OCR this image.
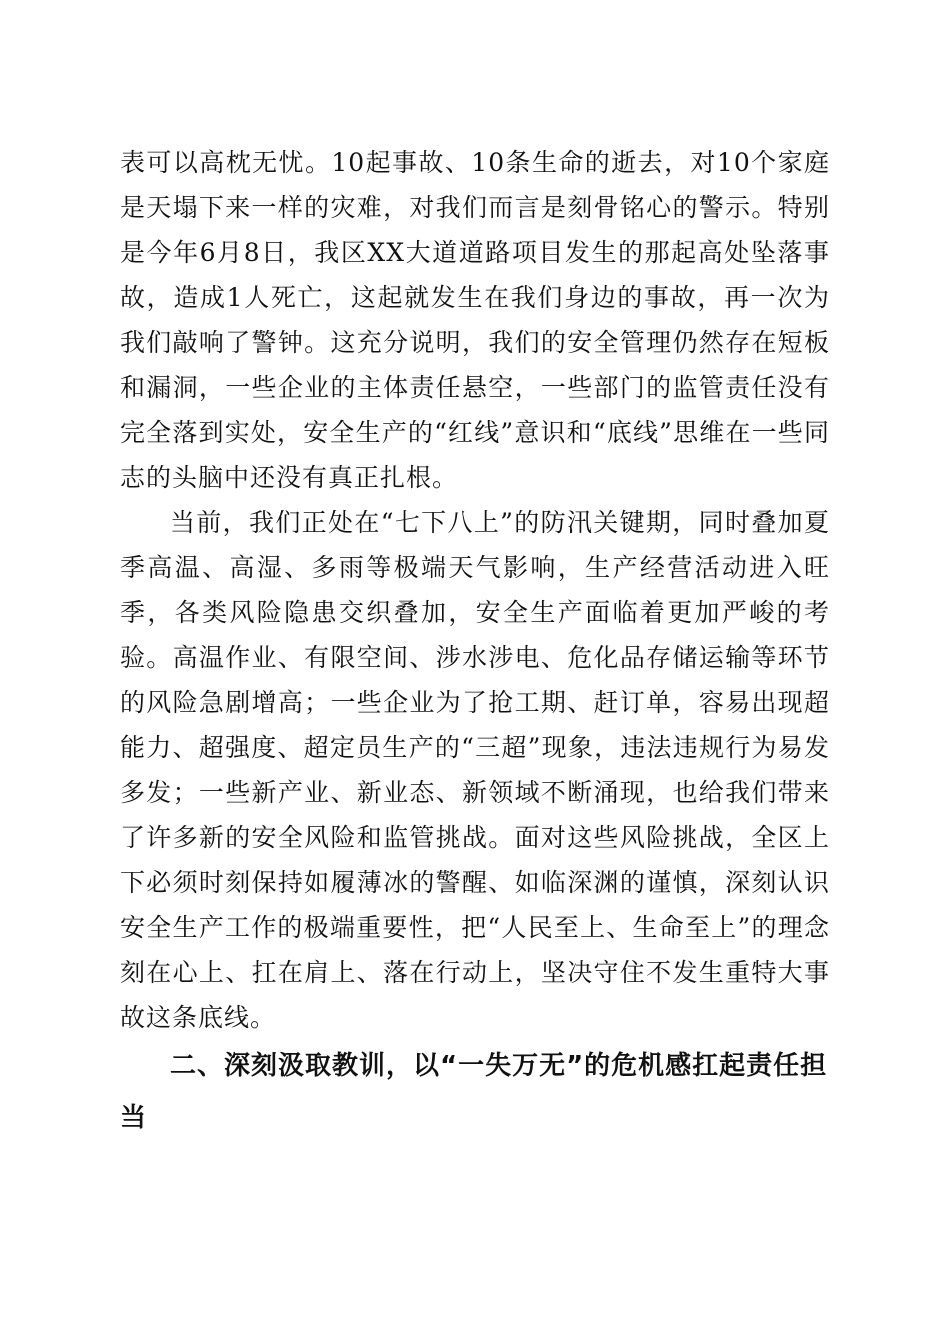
表可以高枕无忧。10起事故、10条生命的逝去，对10个家庭是天塌下来一样的灾难，对我们而言是刻骨铭心的警示。特别是今年6月8日，我区XX大道道路项目发生的那起高处坠落事故，造成1人死亡，这起就发生在我们身边的事故，再一次为我们敲响了警钟。这充分说明，我们的安全管理仍然存在短板和漏洞，一些企业的主体责任悬空，一些部门的监管责任没有完全落到实处，安全生产的“红线”意识和“底线”思维在一些同志的头脑中还没有真正扎根。

当前，我们正处在“七下八上”的防汛关键期，同时叠加夏季高温、高湿、多雨等极端天气影响，生产经营活动进入旺季，各类风险隐患交织叠加，安全生产面临着更加严峻的考验。高温作业、有限空间、涉水涉电、危化品存储运输等环节的风险急剧增高；一些企业为了抢工期、赶订单，容易出现超能力、超强度、超定员生产的“三超”现象，违法违规行为易发多发；一些新产业、新业态、新领域不断涌现，也给我们带来了许多新的安全风险和监管挑战。面对这些风险挑战，全区上下必须时刻保持如履薄冰的警醒、如临深渊的谨慎，深刻认识安全生产工作的极端重要性，把“人民至上、生命至上”的理念刻在心上、扛在肩上、落在行动上，坚决守住不发生重特大事故这条底线。

二、深刻汲取教训，以“一失万无”的危机感扛起责任担当
